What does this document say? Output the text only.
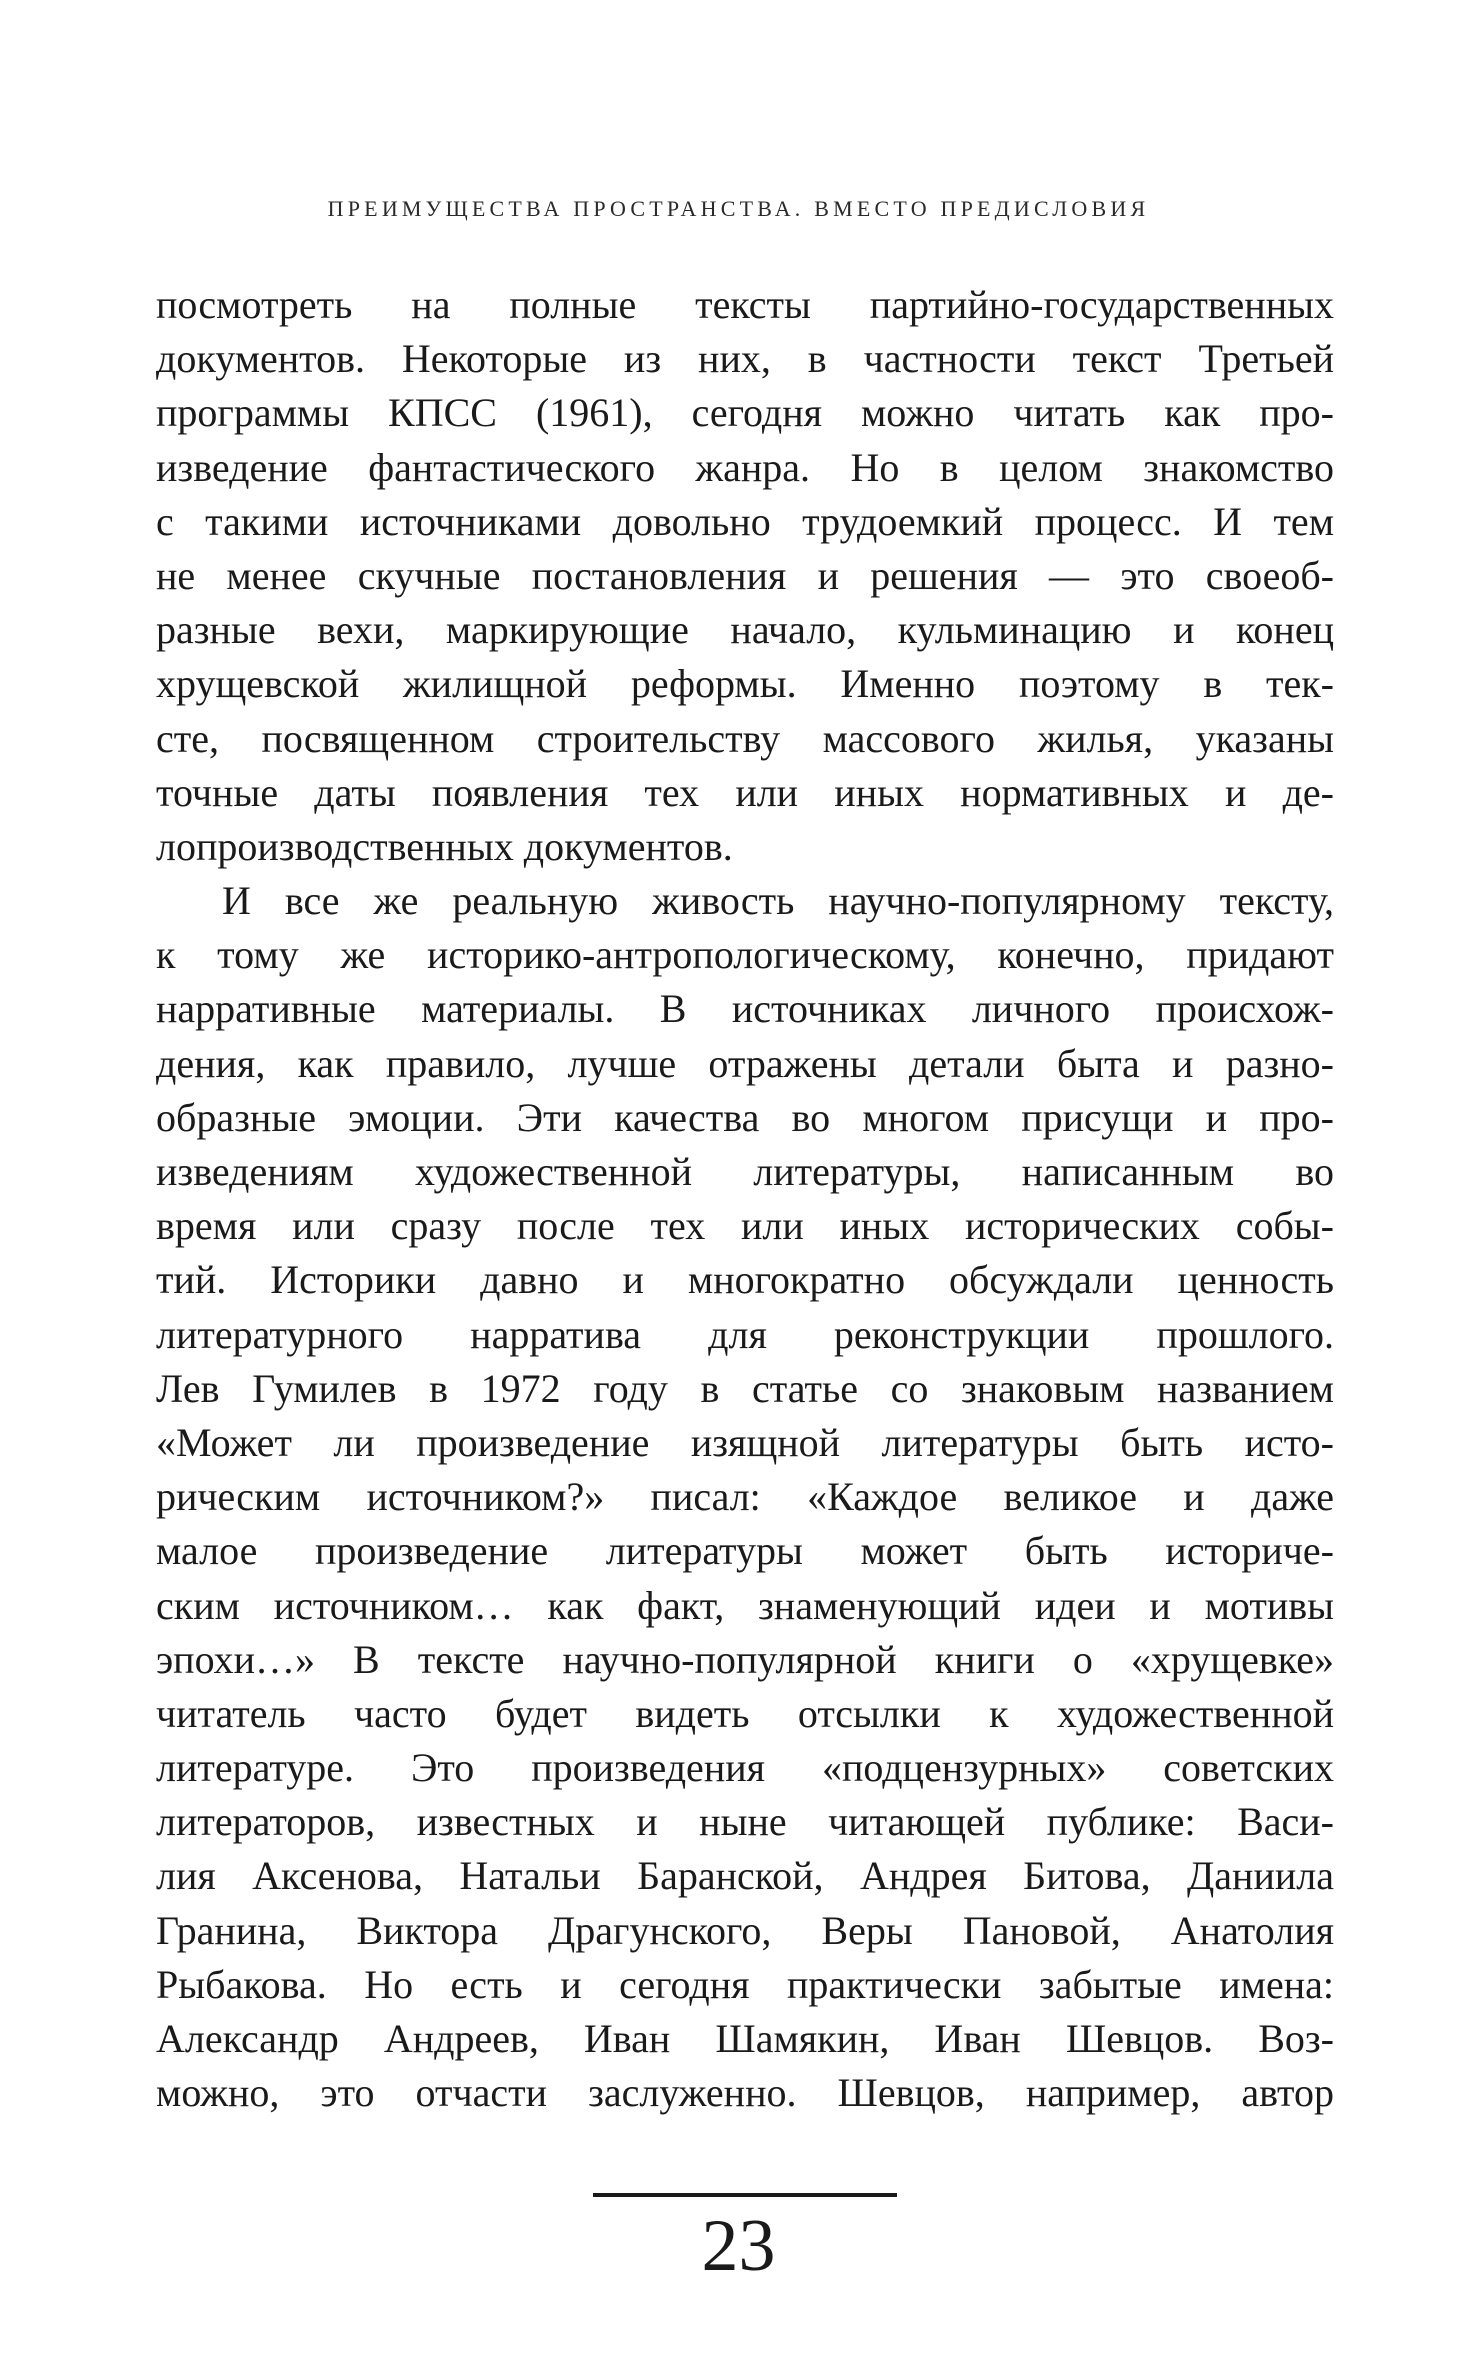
ПРЕИМУЩЕСТВА ПРОСТРАНСТВА. ВМЕСТО ПРЕДИСЛОВИЯ
посмотреть на полные тексты партийно-государственных
документов. Некоторые из них, в частности текст Третьей
программы КПСС (1961), сегодня можно читать как про-
изведение фантастического жанра. Но в целом знакомство
с такими источниками довольно трудоемкий процесс. И тем
не менее скучные постановления и решения — это своеоб-
разные вехи, маркирующие начало, кульминацию и конец
хрущевской жилищной реформы. Именно поэтому в тек-
сте, посвященном строительству массового жилья, указаны
точные даты появления тех или иных нормативных и де-
лопроизводственных документов.
И все же реальную живость научно-популярному тексту,
к тому же историко-антропологическому, конечно, придают
нарративные материалы. В источниках личного происхож-
дения, как правило, лучше отражены детали быта и разно-
образные эмоции. Эти качества во многом присущи и про-
изведениям художественной литературы, написанным во
время или сразу после тех или иных исторических собы-
тий. Историки давно и многократно обсуждали ценность
литературного нарратива для реконструкции прошлого.
Лев Гумилев в 1972 году в статье со знаковым названием
«Может ли произведение изящной литературы быть исто-
рическим источником?» писал: «Каждое великое и даже
малое произведение литературы может быть историче-
ским источником… как факт, знаменующий идеи и мотивы
эпохи…» В тексте научно-популярной книги о «хрущевке»
читатель часто будет видеть отсылки к художественной
литературе. Это произведения «подцензурных» советских
литераторов, известных и ныне читающей публике: Васи-
лия Аксенова, Натальи Баранской, Андрея Битова, Даниила
Гранина, Виктора Драгунского, Веры Пановой, Анатолия
Рыбакова. Но есть и сегодня практически забытые имена:
Александр Андреев, Иван Шамякин, Иван Шевцов. Воз-
можно, это отчасти заслуженно. Шевцов, например, автор
23
